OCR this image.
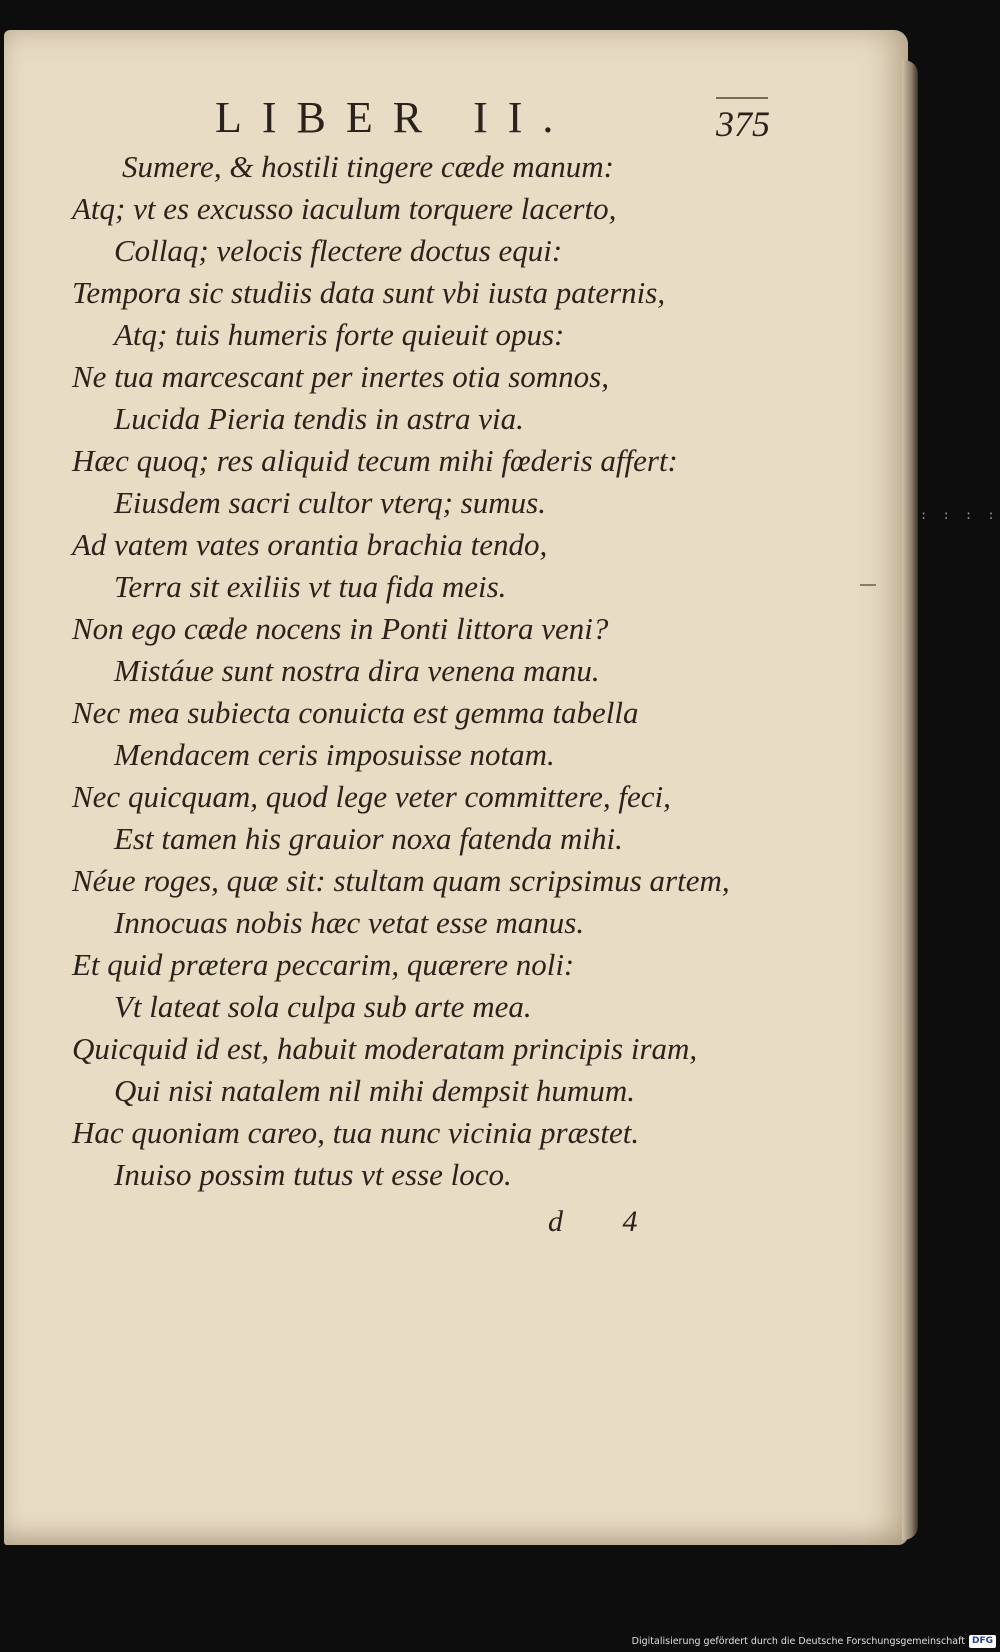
LIBER II.	375
Sumere, & hostili tingere cæde manum:
Atq; vt es excusso iaculum torquere lacerto,
Collaq; velocis flectere doctus equi:
Tempora sic studiis data sunt vbi iusta paternis,
Atq; tuis humeris forte quieuit opus:
Ne tua marcescant per inertes otia somnos,
Lucida Pieria tendis in astra via.
Hæc quoq; res aliquid tecum mihi fœderis affert:
Eiusdem sacri cultor vterq; sumus.
Ad vatem vates orantia brachia tendo,
Terra sit exiliis vt tua fida meis.
Non ego cæde nocens in Ponti littora veni?
Mistáue sunt nostra dira venena manu.
Nec mea subiecta conuicta est gemma tabella
Mendacem ceris imposuisse notam.
Nec quicquam, quod lege veter committere, feci,
Est tamen his grauior noxa fatenda mihi.
Néue roges, quæ sit: stultam quam scripsimus artem,
Innocuas nobis hæc vetat esse manus.
Et quid prætera peccarim, quærere noli:
Vt lateat sola culpa sub arte mea.
Quicquid id est, habuit moderatam principis iram,
Qui nisi natalem nil mihi dempsit humum.
Hac quoniam careo, tua nunc vicinia præstet.
Inuiso possim tutus vt esse loco.
d 4
: : : :
Digitalisierung gefördert durch die Deutsche Forschungsgemeinschaft DFG
